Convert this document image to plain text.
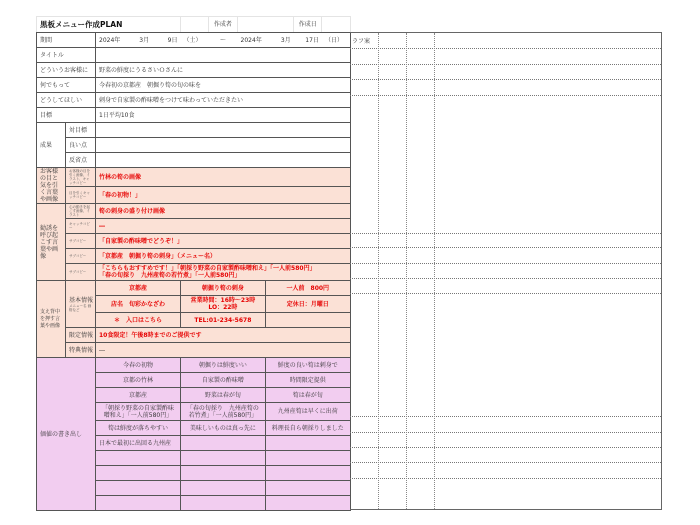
黒板メニュー作成PLAN						作成者			作成日	
期間		2024年	3月	9日	（土）	～	2024年	3月	17日	（日）
タイトル										
どういうお客様に		野菜の鮮度にうるさいＯさんに								
何でもって		今春初の京都産　朝掘り筍の旬の味を								
どうしてほしい		刺身で自家製の酢味噌をつけて味わっていただきたい								
目標		1日平均10食								
成果	対目標									
	良い点									
	反省点									
お客様の目と気を引く言葉や画像	お客様の目を引く画像、イラスト、キャッチコピー	竹林の筍の画像								
	目を引くキャッチコピー	「春の初物！」								
勧誘を呼び起こす言葉や画像	心の動きを起こす画像、イラスト	筍の刺身の盛り付け画像								
	キャッチコピー	―								
	サブコピー	「自家製の酢味噌でどうぞ！」								
	サブコピー	「京都産　朝掘り筍の刺身」（メニュー名）								
	サブコピー	「こちらもおすすめです！」「朝採り野菜の自家製酢味噌和え」「一人前580円」
「春の旬採り　九州産筍の若竹煮」「一人前580円」								

支え背中を押す言葉や画像	基本情報
メニュー名 価格など	京都産			朝掘り筍の刺身			一人前　800円		
		店名　旬彩かなざわ			営業時間：16時～23時　LO：22時			定休日：月曜日		
		＊　入口はこちら			TEL:01-234-5678					
	限定情報	10食限定！午後8時までのご提供です								
	特典情報	―								
価値の書き出し		今春の初物			朝掘りは鮮度いい			鮮度の良い筍は刺身で		
		京都の竹林			自家製の酢味噌			時間限定提供		
		京都産			野菜は春が旬			筍は春が旬		
		「朝採り野菜の自家製酢味噌和え」「一人前580円」			「春の旬採り　九州産筍の若竹煮」「一人前580円」			九州産筍は早くに出荷		
		筍は鮮度が落ちやすい			美味しいものは真っ先に			料理長自ら朝採りしました		
		日本で最初に出回る九州産								

ラフ案
